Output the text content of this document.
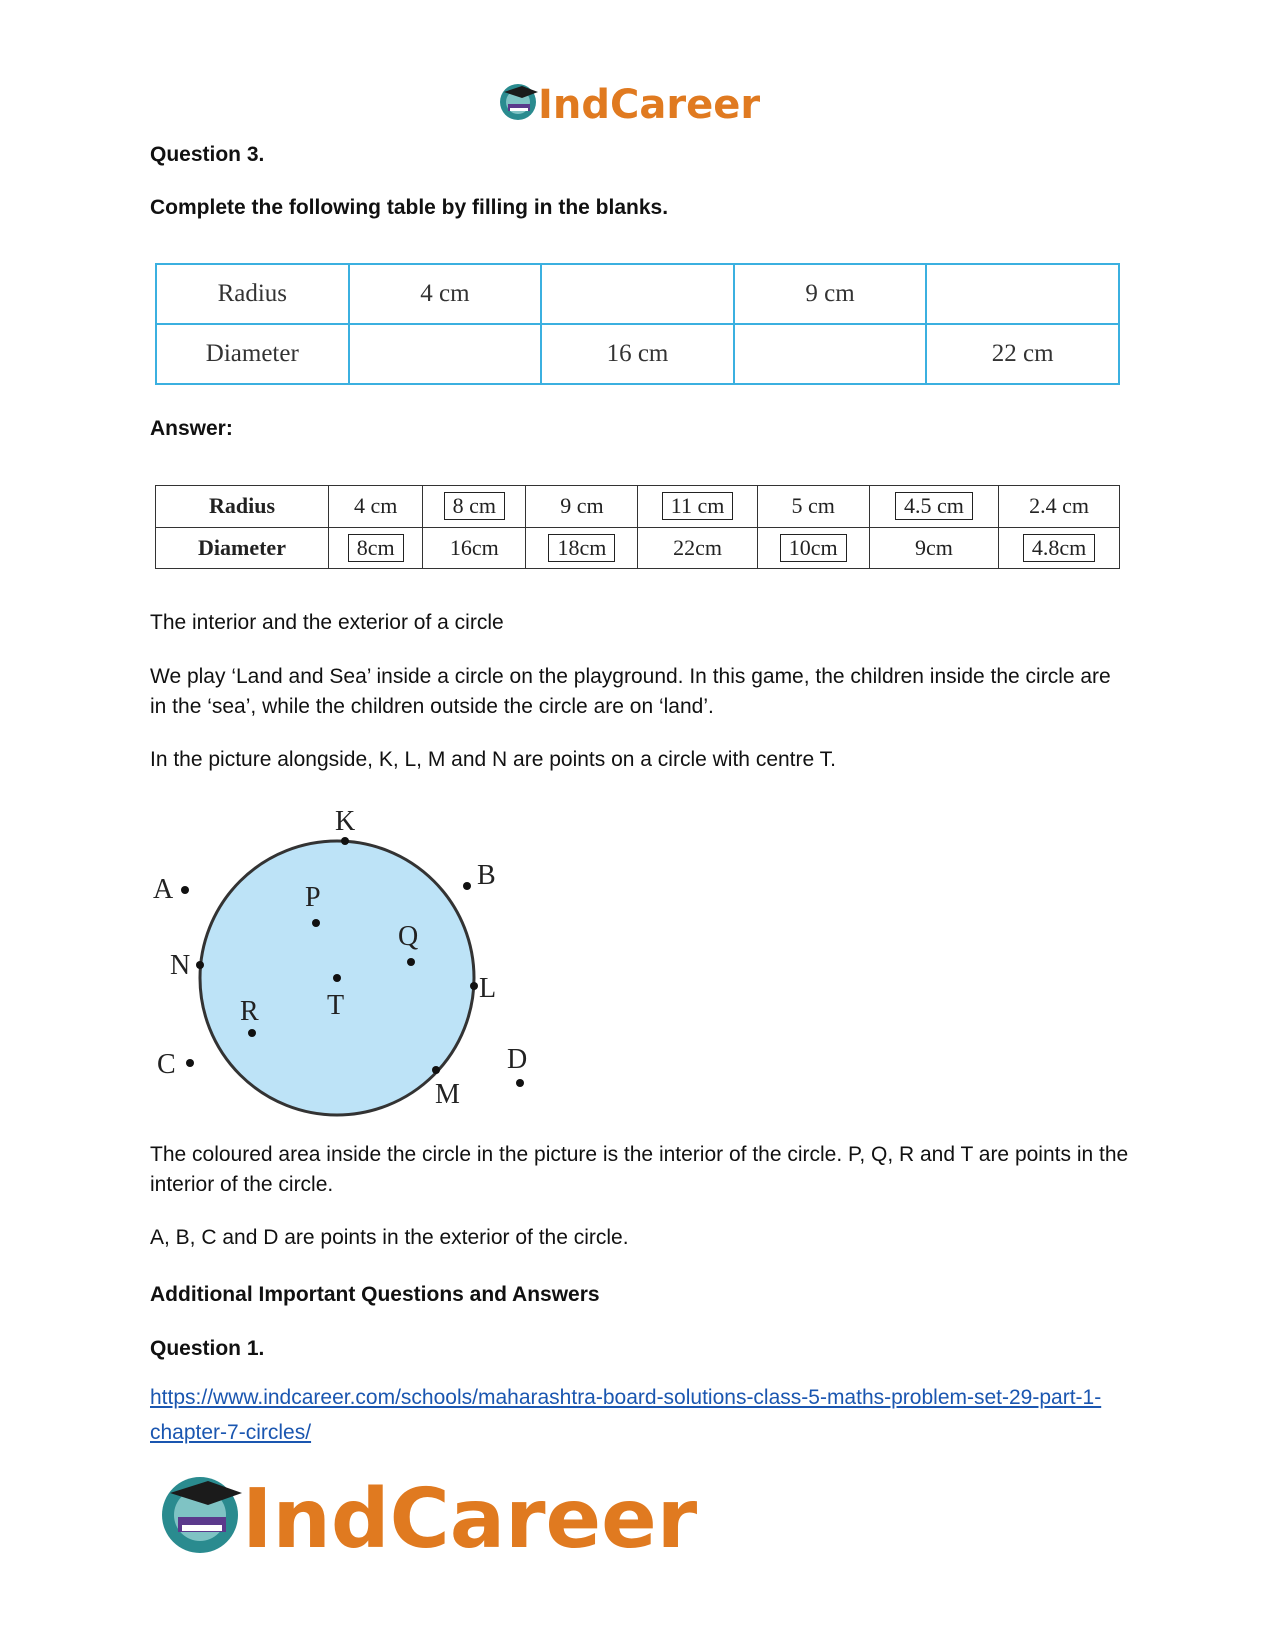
IndCareer

Question 3.

Complete the following table by filling in the blanks.

Radius	4 cm		9 cm	
Diameter		16 cm		22 cm

Answer:

Radius	4 cm	8 cm	9 cm	11 cm	5 cm	4.5 cm	2.4 cm
Diameter	8cm	16cm	18cm	22cm	10cm	9cm	4.8cm

The interior and the exterior of a circle

We play ‘Land and Sea’ inside a circle on the playground. In this game, the children inside the circle are in the ‘sea’, while the children outside the circle are on ‘land’.

In the picture alongside, K, L, M and N are points on a circle with centre T.

K
L
M
N
T
P
Q
R
A	B
C	D

The coloured area inside the circle in the picture is the interior of the circle. P, Q, R and T are points in the interior of the circle.

A, B, C and D are points in the exterior of the circle.

Additional Important Questions and Answers

Question 1.

https://www.indcareer.com/schools/maharashtra-board-solutions-class-5-maths-problem-set-29-part-1-chapter-7-circles/
IndCareer
